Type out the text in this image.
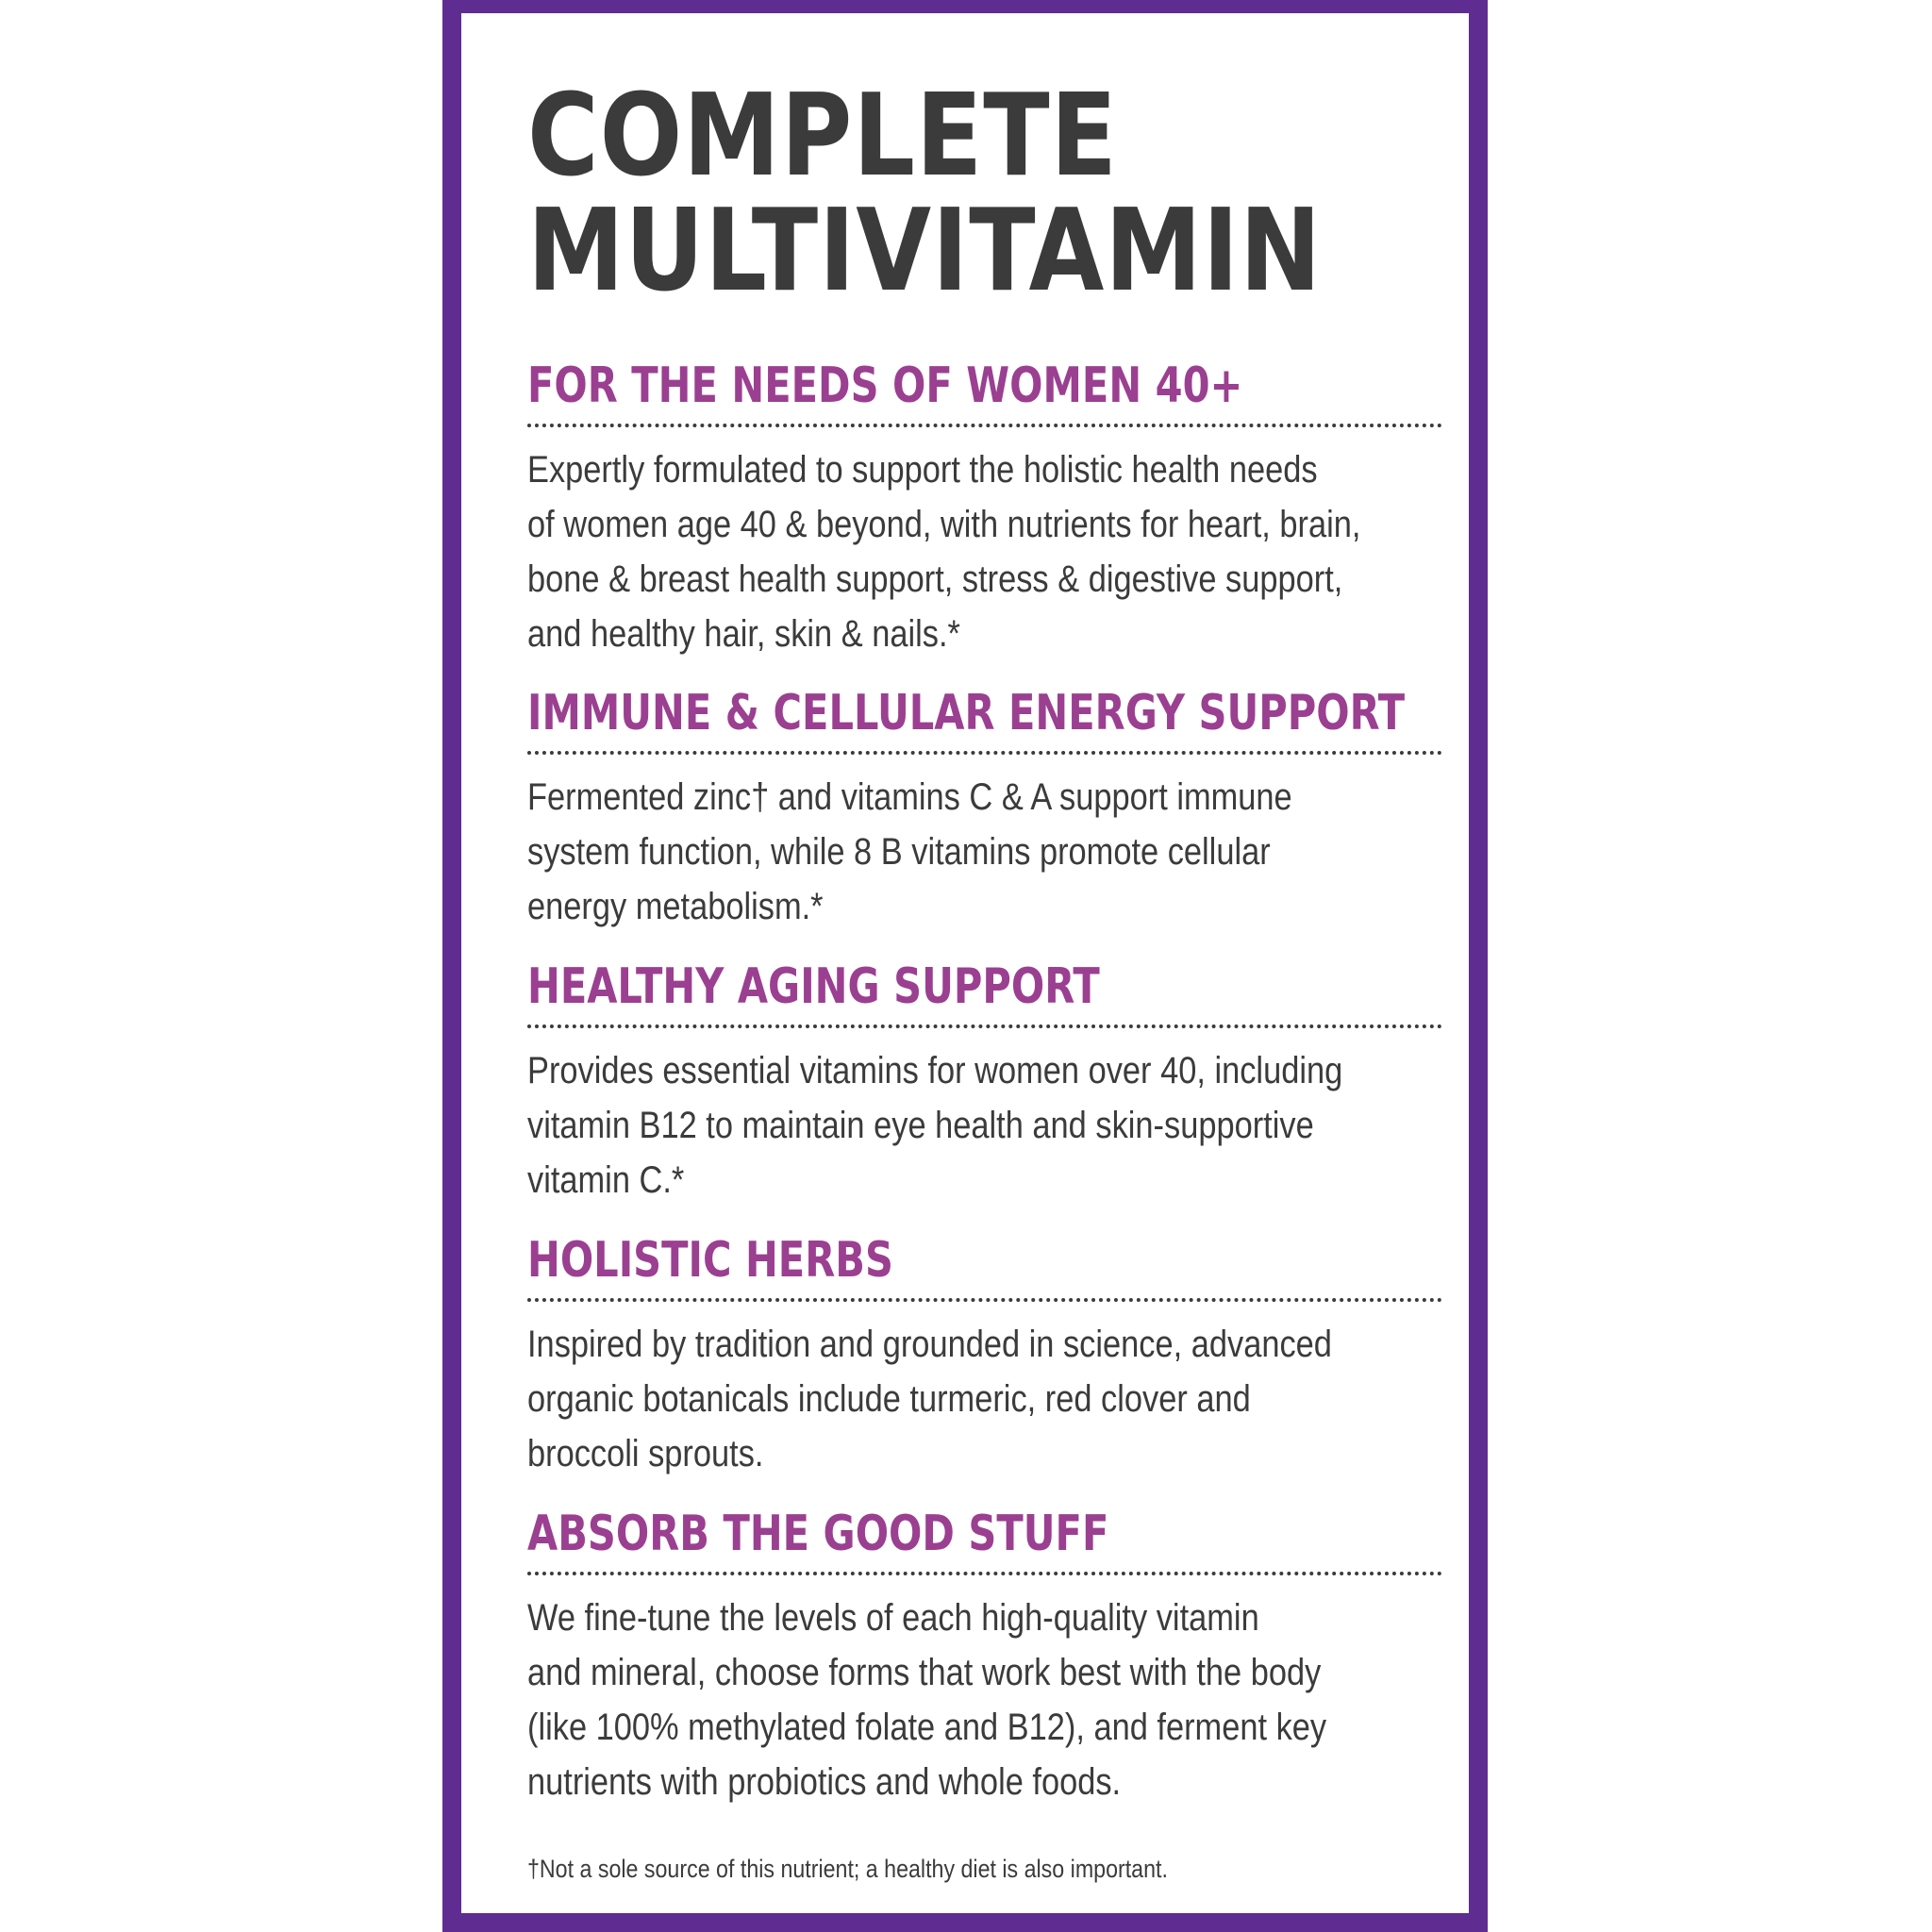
COMPLETE
MULTIVITAMIN
FOR THE NEEDS OF WOMEN 40+
Expertly formulated to support the holistic health needs
of women age 40 & beyond, with nutrients for heart, brain,
bone & breast health support, stress & digestive support,
and healthy hair, skin & nails.*
IMMUNE & CELLULAR ENERGY SUPPORT
Fermented zinc† and vitamins C & A support immune
system function, while 8 B vitamins promote cellular
energy metabolism.*
HEALTHY AGING SUPPORT
Provides essential vitamins for women over 40, including
vitamin B12 to maintain eye health and skin-supportive
vitamin C.*
HOLISTIC HERBS
Inspired by tradition and grounded in science, advanced
organic botanicals include turmeric, red clover and
broccoli sprouts.
ABSORB THE GOOD STUFF
We fine-tune the levels of each high-quality vitamin
and mineral, choose forms that work best with the body
(like 100% methylated folate and B12), and ferment key
nutrients with probiotics and whole foods.
†Not a sole source of this nutrient; a healthy diet is also important.
